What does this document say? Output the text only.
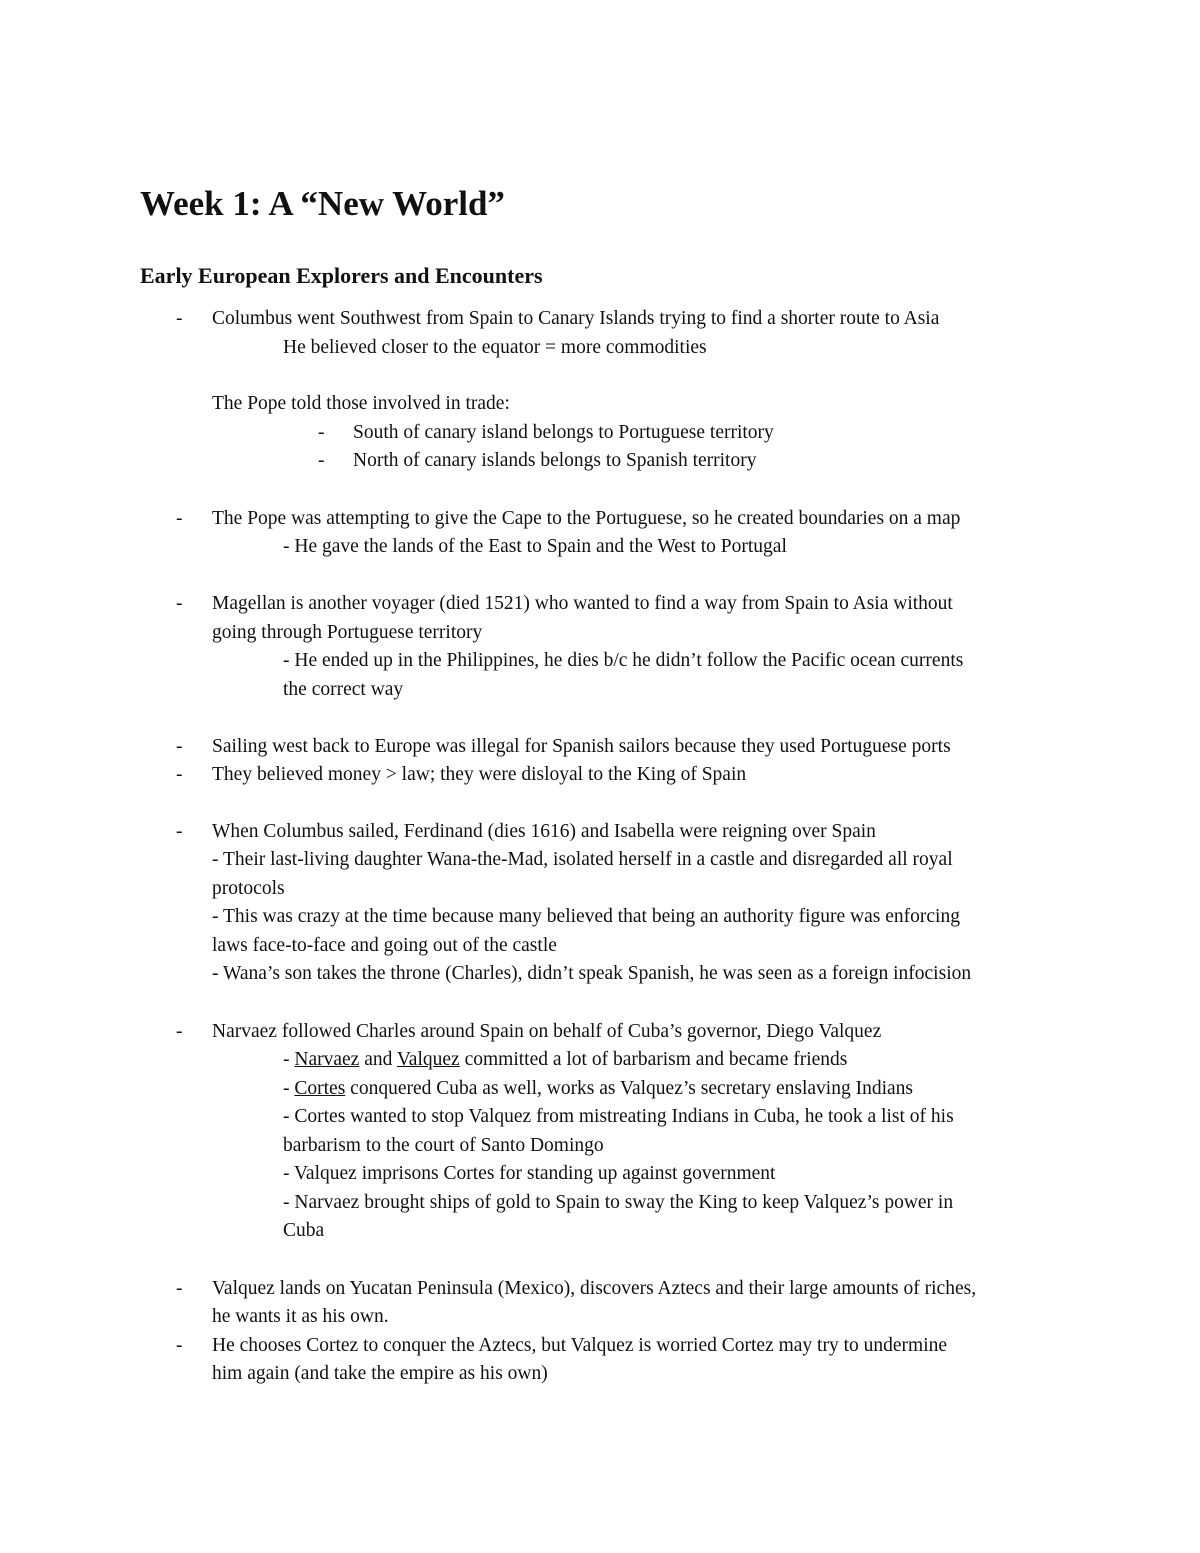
Week 1: A “New World”
Early European Explorers and Encounters
- Columbus went Southwest from Spain to Canary Islands trying to find a shorter route to Asia
He believed closer to the equator = more commodities
The Pope told those involved in trade:
- South of canary island belongs to Portuguese territory
- North of canary islands belongs to Spanish territory
- The Pope was attempting to give the Cape to the Portuguese, so he created boundaries on a map
- He gave the lands of the East to Spain and the West to Portugal
- Magellan is another voyager (died 1521) who wanted to find a way from Spain to Asia without
going through Portuguese territory
- He ended up in the Philippines, he dies b/c he didn’t follow the Pacific ocean currents
the correct way
- Sailing west back to Europe was illegal for Spanish sailors because they used Portuguese ports
- They believed money > law; they were disloyal to the King of Spain
- When Columbus sailed, Ferdinand (dies 1616) and Isabella were reigning over Spain
- Their last-living daughter Wana-the-Mad, isolated herself in a castle and disregarded all royal
protocols
- This was crazy at the time because many believed that being an authority figure was enforcing
laws face-to-face and going out of the castle
- Wana’s son takes the throne (Charles), didn’t speak Spanish, he was seen as a foreign infocision
- Narvaez followed Charles around Spain on behalf of Cuba’s governor, Diego Valquez
- Narvaez and Valquez committed a lot of barbarism and became friends
- Cortes conquered Cuba as well, works as Valquez’s secretary enslaving Indians
- Cortes wanted to stop Valquez from mistreating Indians in Cuba, he took a list of his
barbarism to the court of Santo Domingo
- Valquez imprisons Cortes for standing up against government
- Narvaez brought ships of gold to Spain to sway the King to keep Valquez’s power in
Cuba
- Valquez lands on Yucatan Peninsula (Mexico), discovers Aztecs and their large amounts of riches,
he wants it as his own.
- He chooses Cortez to conquer the Aztecs, but Valquez is worried Cortez may try to undermine
him again (and take the empire as his own)
